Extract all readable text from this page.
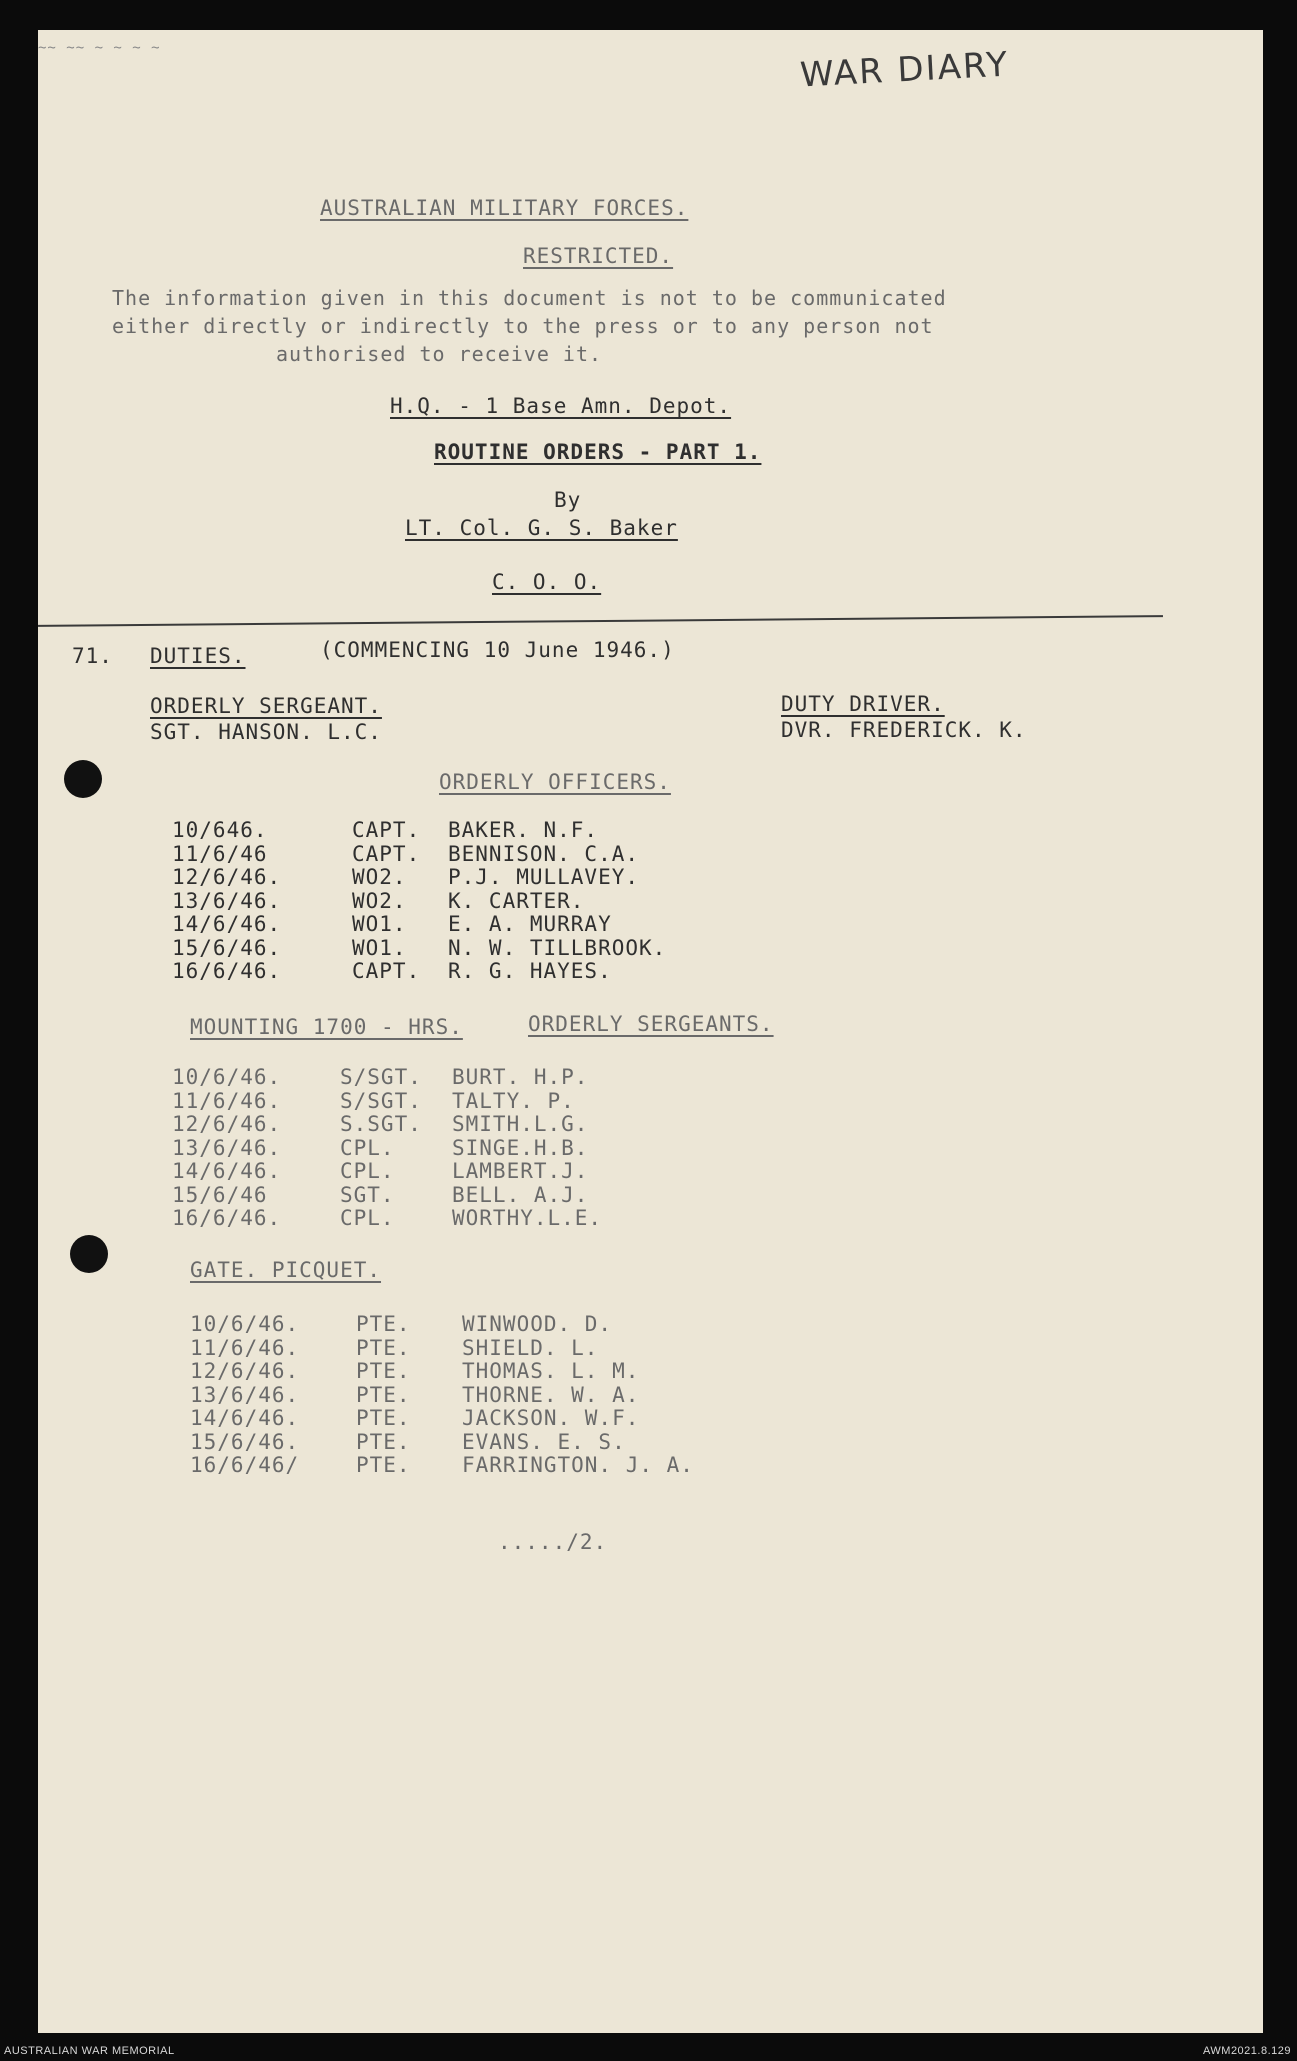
~~ ~~ ~ ~ ~ ~	WAR DIARY
AUSTRALIAN MILITARY FORCES.
RESTRICTED.
The information given in this document is not to be communicated
either directly or indirectly to the press or to any person not
authorised to receive it.
H.Q. - 1 Base Amn. Depot.
ROUTINE ORDERS - PART 1.
By
LT. Col. G. S. Baker
C. O. O.
71. DUTIES.	(COMMENCING 10 June 1946.)
ORDERLY SERGEANT.
SGT. HANSON. L.C.
DUTY DRIVER.
DVR. FREDERICK. K.
ORDERLY OFFICERS.
10/646.	CAPT. BAKER. N.F.
11/6/46	CAPT. BENNISON. C.A.
12/6/46.	WO2. P.J. MULLAVEY.
13/6/46.	WO2. K. CARTER.
14/6/46.	WO1. E. A. MURRAY
15/6/46.	WO1. N. W. TILLBROOK.
16/6/46.	CAPT. R. G. HAYES.
MOUNTING 1700 - HRS.	ORDERLY SERGEANTS.
10/6/46.	S/SGT. BURT. H.P.
11/6/46.	S/SGT. TALTY. P.
12/6/46.	S.SGT. SMITH.L.G.
13/6/46.	CPL.	SINGE.H.B.
14/6/46.	CPL.	LAMBERT.J.
15/6/46	SGT.	BELL. A.J.
16/6/46.	CPL.	WORTHY.L.E.
GATE. PICQUET.
10/6/46.	PTE. WINWOOD. D.
11/6/46.	PTE. SHIELD. L.
12/6/46.	PTE. THOMAS. L. M.
13/6/46.	PTE. THORNE. W. A.
14/6/46.	PTE. JACKSON. W.F.
15/6/46.	PTE. EVANS. E. S.
16/6/46/	PTE. FARRINGTON. J. A.
...../2.
AUSTRALIAN WAR MEMORIAL	AWM2021.8.129
